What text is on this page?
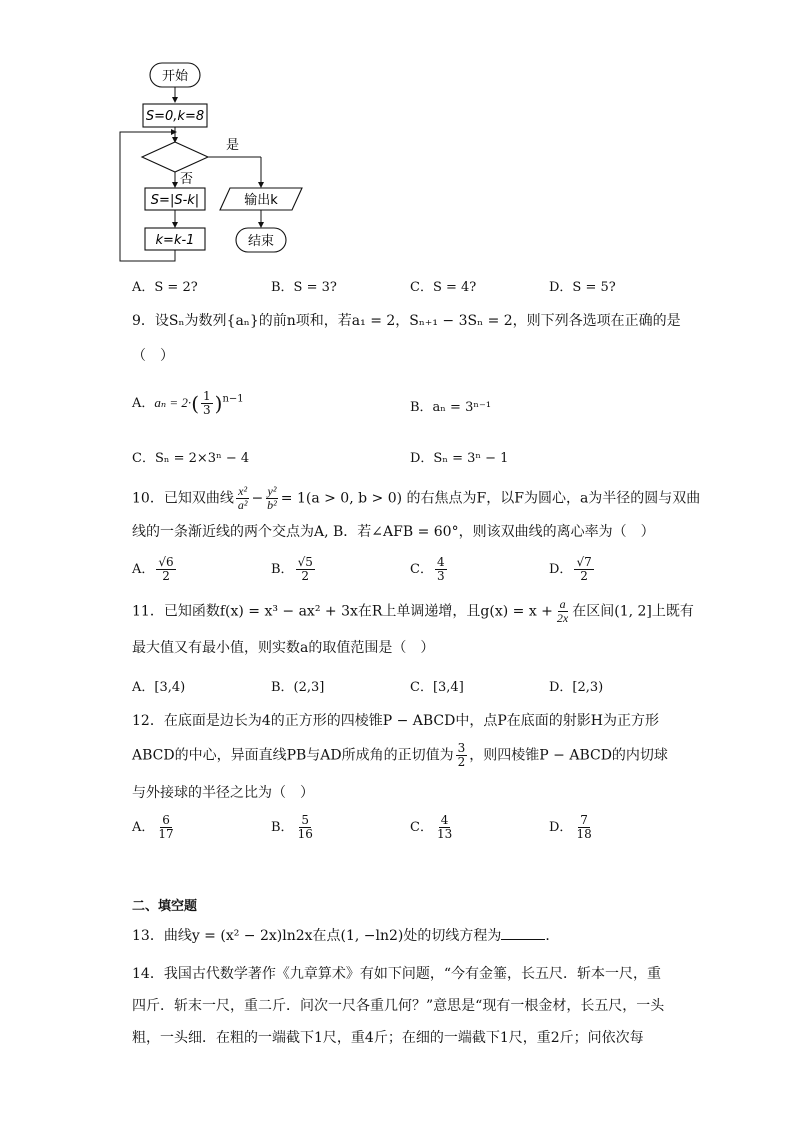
开始
S=0,k=8
是
否
S=|S-k|
k=k-1
输出k
结束
A．S = 2?	B．S = 3?	C．S = 4?	D．S = 5?
9．设Sₙ为数列{aₙ}的前n项和，若a₁ = 2，Sₙ₊₁ − 3Sₙ = 2，则下列各选项在正确的是
（　）
A．$a_n = 2\cdot( \frac{1}{3} )^{n-1}$
B．aₙ = 3ⁿ⁻¹
C．Sₙ = 2×3ⁿ − 4	D．Sₙ = 3ⁿ − 1
10．已知双曲线 $\frac{\text{x²}}{\text{a²}} - \frac{\text{y²}}{\text{b²}} = 1(a > 0$, b > 0) 的右焦点为F，以F为圆心，a为半径的圆与双曲
线的一条渐近线的两个交点为A, B．若∠AFB = 60°，则该双曲线的离心率为（　）
A． $\frac{√6}{2}$	B． $\frac{√5}{2}$	C． $\frac{4}{3}$	D． $\frac{√7}{2}$
11．已知函数f(x) = x³ − ax² + 3x在R上单调递增，且$g(x) = x + \frac{a}{2x}$ 在区间(1, 2]上既有
最大值又有最小值，则实数a的取值范围是（　）
A．[3,4)	B．(2,3]	C．[3,4]	D．[2,3)
12．在底面是边长为4的正方形的四棱锥P − ABCD中，点P在底面的射影H为正方形
ABCD的中心，异面直线PB与AD所成角的正切值为 $\frac{3}{2}$ ，则四棱锥P − ABCD的内切球
与外接球的半径之比为（　）
A． $\frac{6}{17}$	B． $\frac{5}{16}$	C． $\frac{4}{13}$	D． $\frac{7}{18}$
二、填空题
13．曲线y = (x² − 2x)ln2x在点(1, −ln2)处的切线方程为	．
14．我国古代数学著作《九章算术》有如下问题，“今有金箠，长五尺．斩本一尺，重
四斤．斩末一尺，重二斤．问次一尺各重几何？”意思是“现有一根金材，长五尺，一头
粗，一头细．在粗的一端截下1尺，重4斤；在细的一端截下1尺，重2斤；问依次每
